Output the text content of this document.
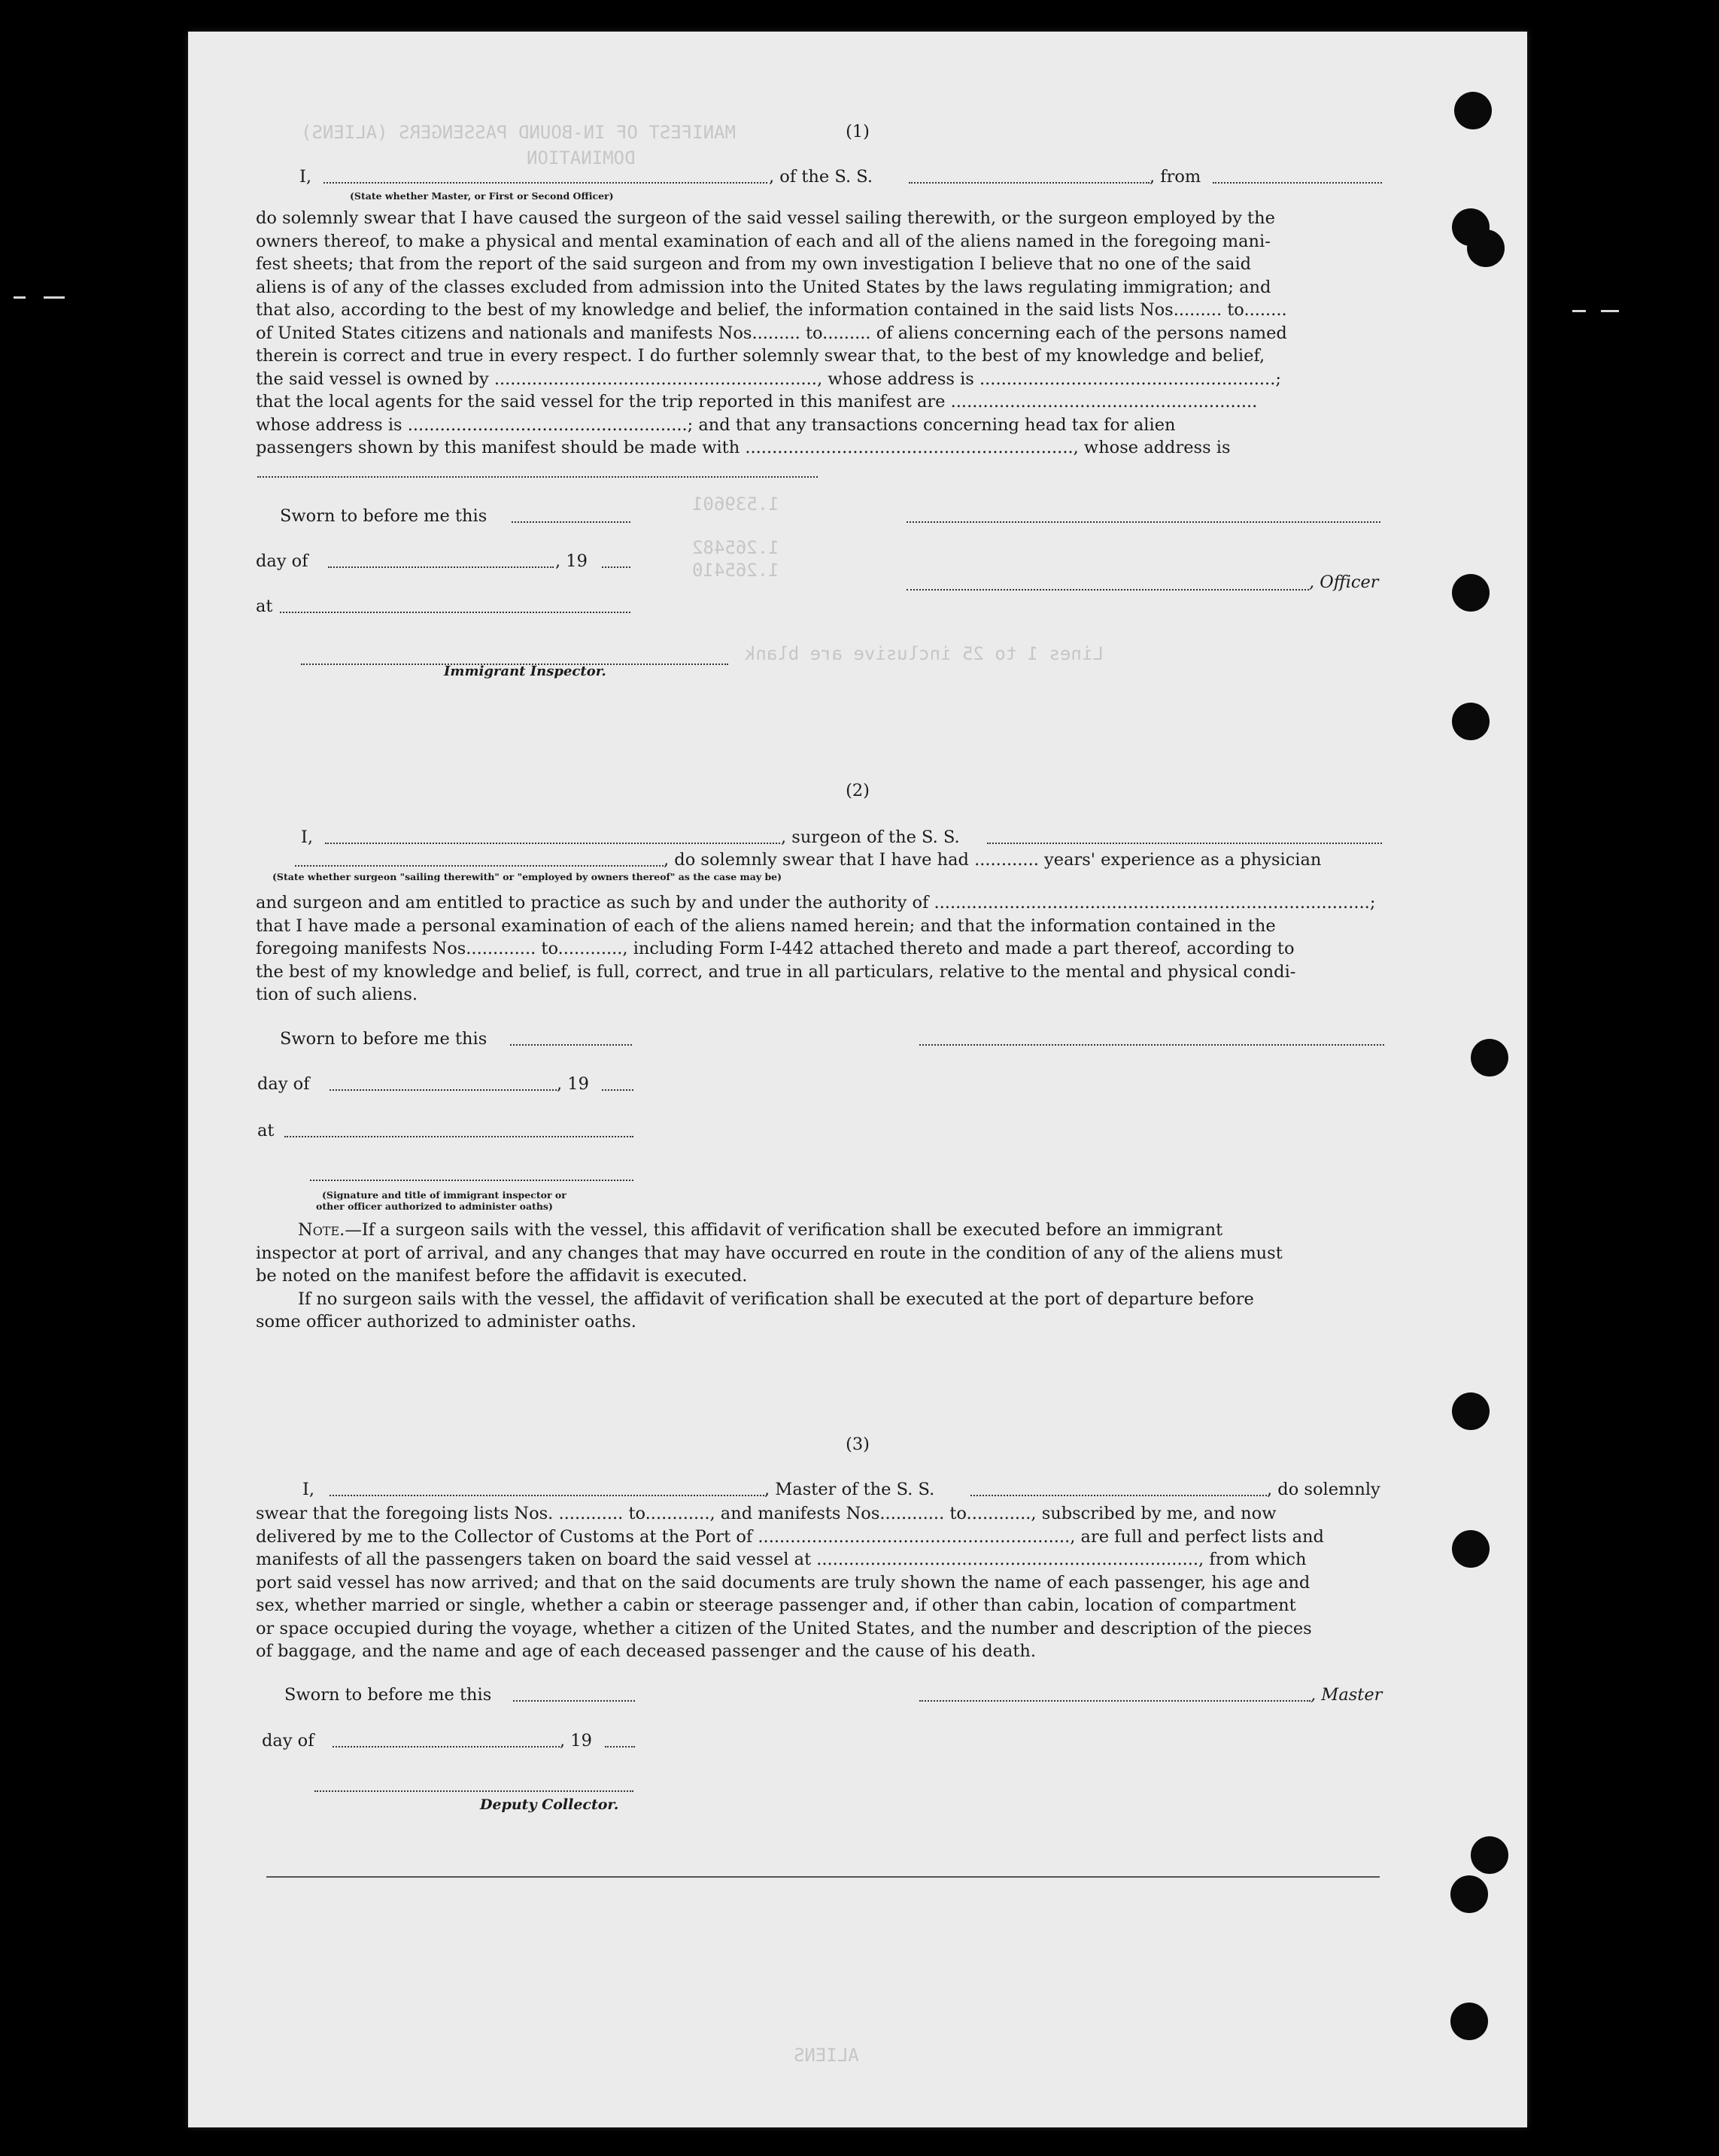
MANIFEST OF IN-BOUND PASSENGERS (ALIENS)
DOMINATION
Lines 1 to 25 inclusive are blank
1.539601
1.265482
1.265410
ALIENS
(1)
I,	, of the S. S.	, from
(State whether Master, or First or Second Officer)

do solemnly swear that I have caused the surgeon of the said vessel sailing therewith, or the surgeon employed by the
owners thereof, to make a physical and mental examination of each and all of the aliens named in the foregoing mani-
fest sheets; that from the report of the said surgeon and from my own investigation I believe that no one of the said
aliens is of any of the classes excluded from admission into the United States by the laws regulating immigration; and
that also, according to the best of my knowledge and belief, the information contained in the said lists Nos......... to........
of United States citizens and nationals and manifests Nos......... to......... of aliens concerning each of the persons named
therein is correct and true in every respect. I do further solemnly swear that, to the best of my knowledge and belief,
the said vessel is owned by ............................................................, whose address is .......................................................;
that the local agents for the said vessel for the trip reported in this manifest are .........................................................
whose address is ....................................................; and that any transactions concerning head tax for alien
passengers shown by this manifest should be made with ............................................................., whose address is

Sworn to before me this
day of	, 19
, Officer
at
Immigrant Inspector.
(2)
I,	, surgeon of the S. S.
, do solemnly swear that I have had ............ years' experience as a physician
(State whether surgeon "sailing therewith" or "employed by owners thereof" as the case may be)

and surgeon and am entitled to practice as such by and under the authority of .................................................................................;
that I have made a personal examination of each of the aliens named herein; and that the information contained in the
foregoing manifests Nos............. to............, including Form I-442 attached thereto and made a part thereof, according to
the best of my knowledge and belief, is full, correct, and true in all particulars, relative to the mental and physical condi-
tion of such aliens.

Sworn to before me this
day of	, 19
at
(Signature and title of immigrant inspector or
other officer authorized to administer oaths)

Note.—If a surgeon sails with the vessel, this affidavit of verification shall be executed before an immigrant
inspector at port of arrival, and any changes that may have occurred en route in the condition of any of the aliens must
be noted on the manifest before the affidavit is executed.
If no surgeon sails with the vessel, the affidavit of verification shall be executed at the port of departure before
some officer authorized to administer oaths.

(3)
I,	, Master of the S. S.	, do solemnly

swear that the foregoing lists Nos. ............ to............, and manifests Nos............ to............, subscribed by me, and now
delivered by me to the Collector of Customs at the Port of .........................................................., are full and perfect lists and
manifests of all the passengers taken on board the said vessel at ......................................................................., from which
port said vessel has now arrived; and that on the said documents are truly shown the name of each passenger, his age and
sex, whether married or single, whether a cabin or steerage passenger and, if other than cabin, location of compartment
or space occupied during the voyage, whether a citizen of the United States, and the number and description of the pieces
of baggage, and the name and age of each deceased passenger and the cause of his death.

Sworn to before me this	, Master
day of	, 19
Deputy Collector.
